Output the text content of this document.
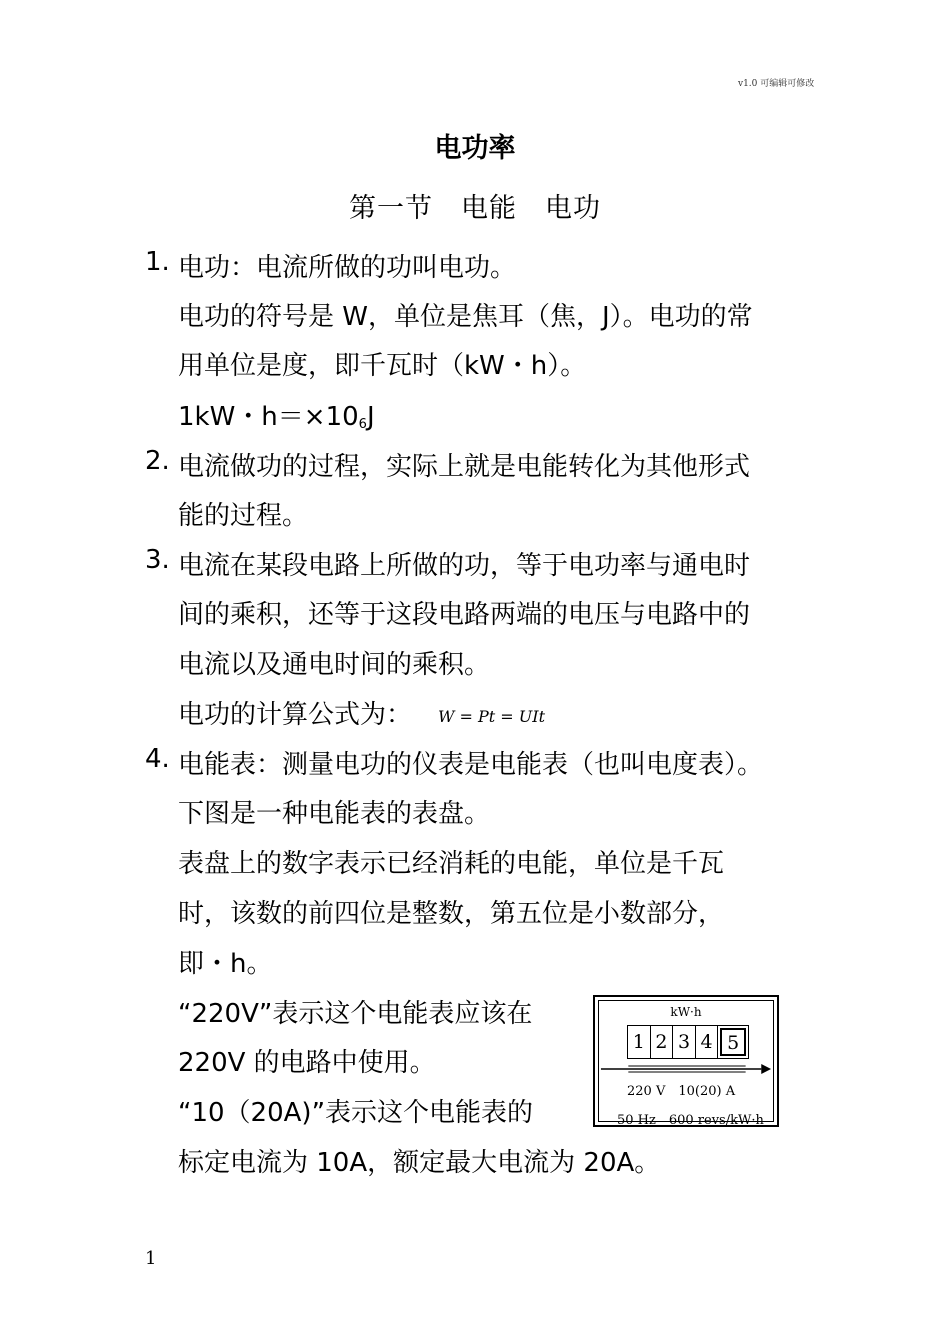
v1.0 可编辑可修改
电功率
第一节　电能　电功
1. 电功：电流所做的功叫电功。
电功的符号是 W，单位是焦耳（焦，J）。电功的常
用单位是度，即千瓦时（kW・h）。
1kW・$h=\times 10_6J$
2. 电流做功的过程，实际上就是电能转化为其他形式
能的过程。
3. 电流在某段电路上所做的功，等于电功率与通电时
间的乘积，还等于这段电路两端的电压与电路中的
电流以及通电时间的乘积。
电功的计算公式为： W = Pt = UIt
4. 电能表：测量电功的仪表是电能表（也叫电度表）。
下图是一种电能表的表盘。
表盘上的数字表示已经消耗的电能，单位是千瓦
时，该数的前四位是整数，第五位是小数部分，
即・h。
“220V”表示这个电能表应该在
220V 的电路中使用。
“10（20A)”表示这个电能表的
标定电流为 10A，额定最大电流为 20A。
kW·h
1 2 3 4 5
220 V　10(20) A
50 Hz　600 revs/kW·h
1
